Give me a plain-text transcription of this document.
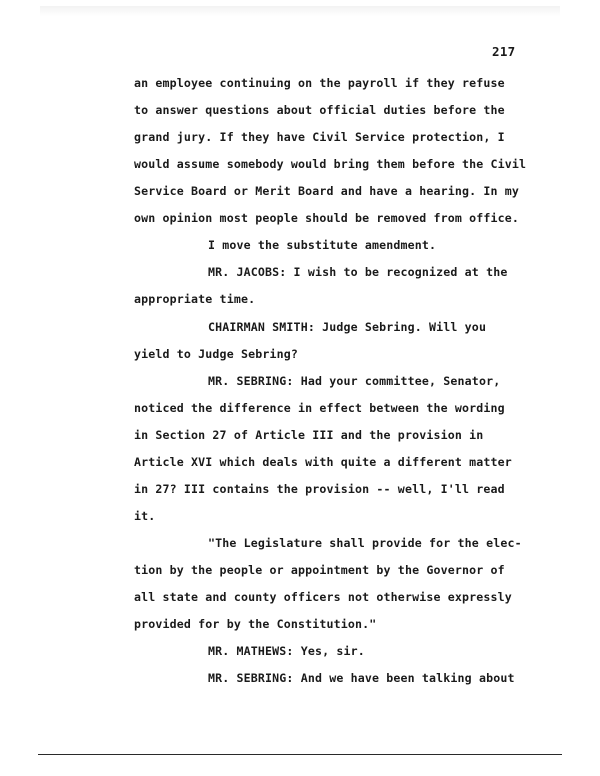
217
an employee continuing on the payroll if they refuse
to answer questions about official duties before the
grand jury. If they have Civil Service protection, I
would assume somebody would bring them before the Civil
Service Board or Merit Board and have a hearing. In my
own opinion most people should be removed from office.
I move the substitute amendment.
MR. JACOBS: I wish to be recognized at the
appropriate time.
CHAIRMAN SMITH: Judge Sebring. Will you
yield to Judge Sebring?
MR. SEBRING: Had your committee, Senator,
noticed the difference in effect between the wording
in Section 27 of Article III and the provision in
Article XVI which deals with quite a different matter
in 27? III contains the provision -- well, I'll read
it.
"The Legislature shall provide for the elec-
tion by the people or appointment by the Governor of
all state and county officers not otherwise expressly
provided for by the Constitution."
MR. MATHEWS: Yes, sir.
MR. SEBRING: And we have been talking about
